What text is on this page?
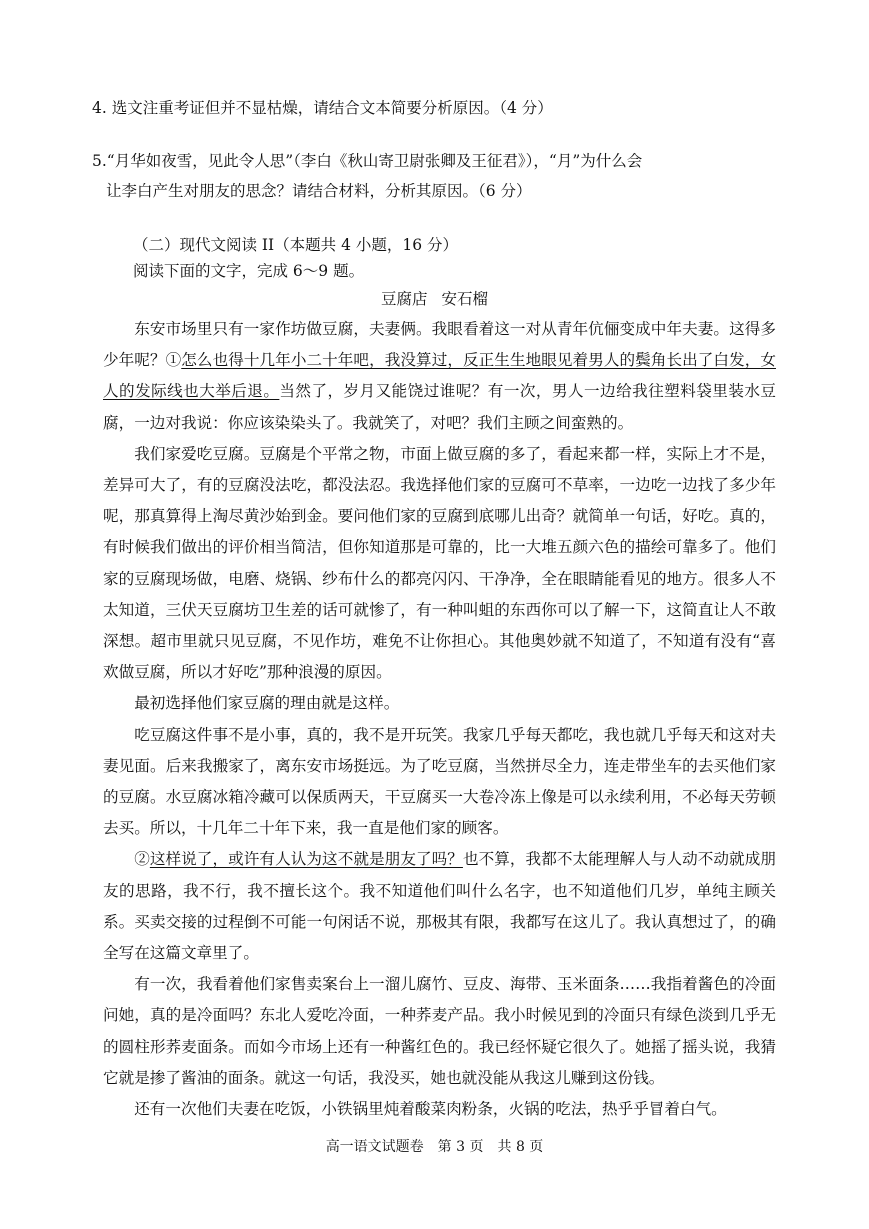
4. 选文注重考证但并不显枯燥，请结合文本简要分析原因。（4 分）

5.“月华如夜雪，见此令人思”（李白《秋山寄卫尉张卿及王征君》），“月”为什么会
让李白产生对朋友的思念？请结合材料，分析其原因。（6 分）

（二）现代文阅读 II（本题共 4 小题，16 分）
阅读下面的文字，完成 6～9 题。
豆腐店 安石榴

东安市场里只有一家作坊做豆腐，夫妻俩。我眼看着这一对从青年伉俪变成中年夫妻。这得多少年呢？①怎么也得十几年小二十年吧，我没算过，反正生生地眼见着男人的鬓角长出了白发，女人的发际线也大举后退。当然了，岁月又能饶过谁呢？有一次，男人一边给我往塑料袋里装水豆腐，一边对我说：你应该染染头了。我就笑了，对吧？我们主顾之间蛮熟的。

我们家爱吃豆腐。豆腐是个平常之物，市面上做豆腐的多了，看起来都一样，实际上才不是，差异可大了，有的豆腐没法吃，都没法忍。我选择他们家的豆腐可不草率，一边吃一边找了多少年呢，那真算得上淘尽黄沙始到金。要问他们家的豆腐到底哪儿出奇？就简单一句话，好吃。真的，有时候我们做出的评价相当简洁，但你知道那是可靠的，比一大堆五颜六色的描绘可靠多了。他们家的豆腐现场做，电磨、烧锅、纱布什么的都亮闪闪、干净净，全在眼睛能看见的地方。很多人不太知道，三伏天豆腐坊卫生差的话可就惨了，有一种叫蛆的东西你可以了解一下，这简直让人不敢深想。超市里就只见豆腐，不见作坊，难免不让你担心。其他奥妙就不知道了，不知道有没有“喜欢做豆腐，所以才好吃”那种浪漫的原因。

最初选择他们家豆腐的理由就是这样。

吃豆腐这件事不是小事，真的，我不是开玩笑。我家几乎每天都吃，我也就几乎每天和这对夫妻见面。后来我搬家了，离东安市场挺远。为了吃豆腐，当然拼尽全力，连走带坐车的去买他们家的豆腐。水豆腐冰箱冷藏可以保质两天，干豆腐买一大卷冷冻上像是可以永续利用，不必每天劳顿去买。所以，十几年二十年下来，我一直是他们家的顾客。

②这样说了，或许有人认为这不就是朋友了吗？也不算，我都不太能理解人与人动不动就成朋友的思路，我不行，我不擅长这个。我不知道他们叫什么名字，也不知道他们几岁，单纯主顾关系。买卖交接的过程倒不可能一句闲话不说，那极其有限，我都写在这儿了。我认真想过了，的确全写在这篇文章里了。

有一次，我看着他们家售卖案台上一溜儿腐竹、豆皮、海带、玉米面条……我指着酱色的冷面问她，真的是冷面吗？东北人爱吃冷面，一种荞麦产品。我小时候见到的冷面只有绿色淡到几乎无的圆柱形荞麦面条。而如今市场上还有一种酱红色的。我已经怀疑它很久了。她摇了摇头说，我猜它就是掺了酱油的面条。就这一句话，我没买，她也就没能从我这儿赚到这份钱。

还有一次他们夫妻在吃饭，小铁锅里炖着酸菜肉粉条，火锅的吃法，热乎乎冒着白气。

高一语文试题卷　第 3 页　共 8 页
